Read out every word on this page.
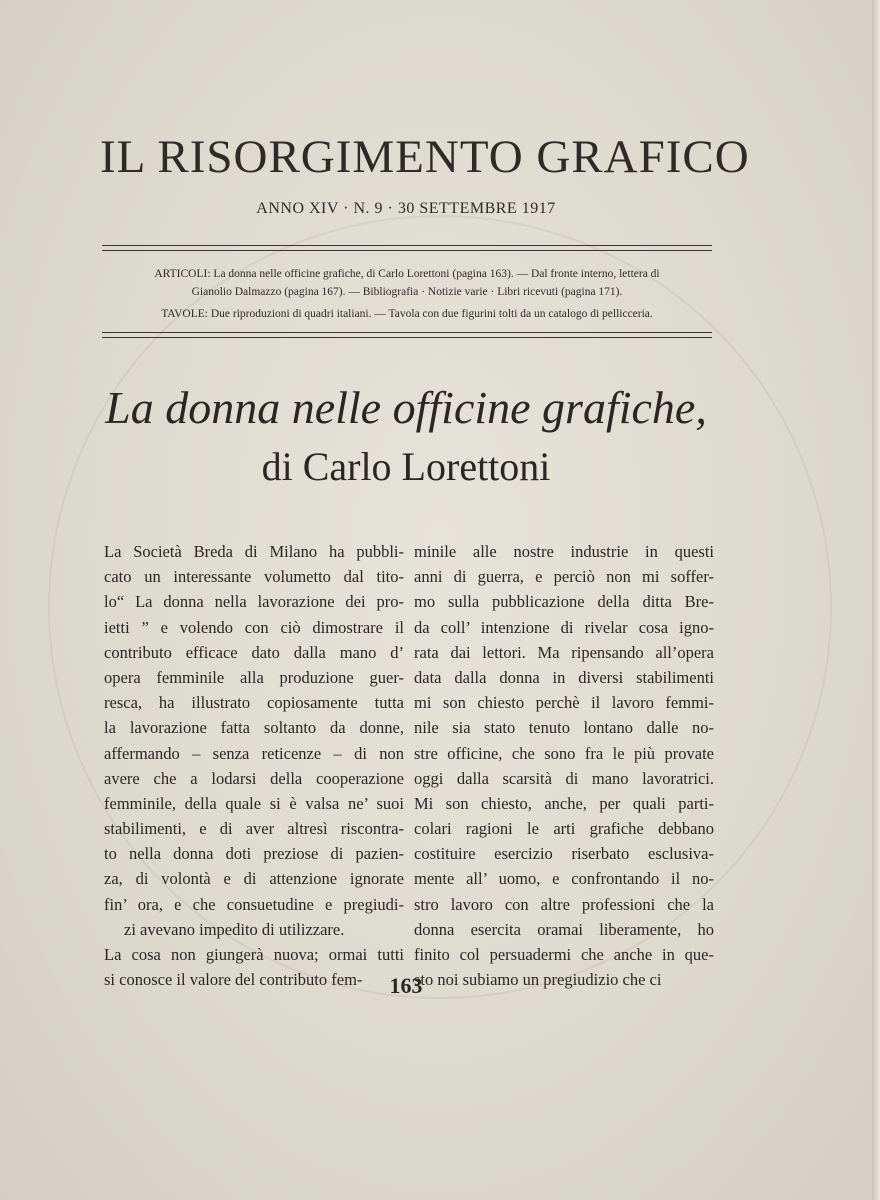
IL RISORGIMENTO GRAFICO
ANNO XIV · N. 9 · 30 SETTEMBRE 1917
ARTICOLI: La donna nelle officine grafiche, di Carlo Lorettoni (pagina 163). — Dal fronte interno, lettera di
Gianolio Dalmazzo (pagina 167). — Bibliografia · Notizie varie · Libri ricevuti (pagina 171).
TAVOLE: Due riproduzioni di quadri italiani. — Tavola con due figurini tolti da un catalogo di pellicceria.
La donna nelle officine grafiche,
di Carlo Lorettoni
La Società Breda di Milano ha pubbli-
cato un interessante volumetto dal tito-
lo“ La donna nella lavorazione dei pro-
ietti ” e volendo con ciò dimostrare il
contributo efficace dato dalla mano d’
opera femminile alla produzione guer-
resca, ha illustrato copiosamente tutta
la lavorazione fatta soltanto da donne,
affermando – senza reticenze – di non
avere che a lodarsi della cooperazione
femminile, della quale si è valsa ne’ suoi
stabilimenti, e di aver altresì riscontra-
to nella donna doti preziose di pazien-
za, di volontà e di attenzione ignorate
fin’ ora, e che consuetudine e pregiudi-
zi avevano impedito di utilizzare.
La cosa non giungerà nuova; ormai tutti
si conosce il valore del contributo fem-
minile alle nostre industrie in questi
anni di guerra, e perciò non mi soffer-
mo sulla pubblicazione della ditta Bre-
da coll’ intenzione di rivelar cosa igno-
rata dai lettori. Ma ripensando all’opera
data dalla donna in diversi stabilimenti
mi son chiesto perchè il lavoro femmi-
nile sia stato tenuto lontano dalle no-
stre officine, che sono fra le più provate
oggi dalla scarsità di mano lavoratrici.
Mi son chiesto, anche, per quali parti-
colari ragioni le arti grafiche debbano
costituire esercizio riserbato esclusiva-
mente all’ uomo, e confrontando il no-
stro lavoro con altre professioni che la
donna esercita oramai liberamente, ho
finito col persuadermi che anche in que-
sto noi subiamo un pregiudizio che ci
163
